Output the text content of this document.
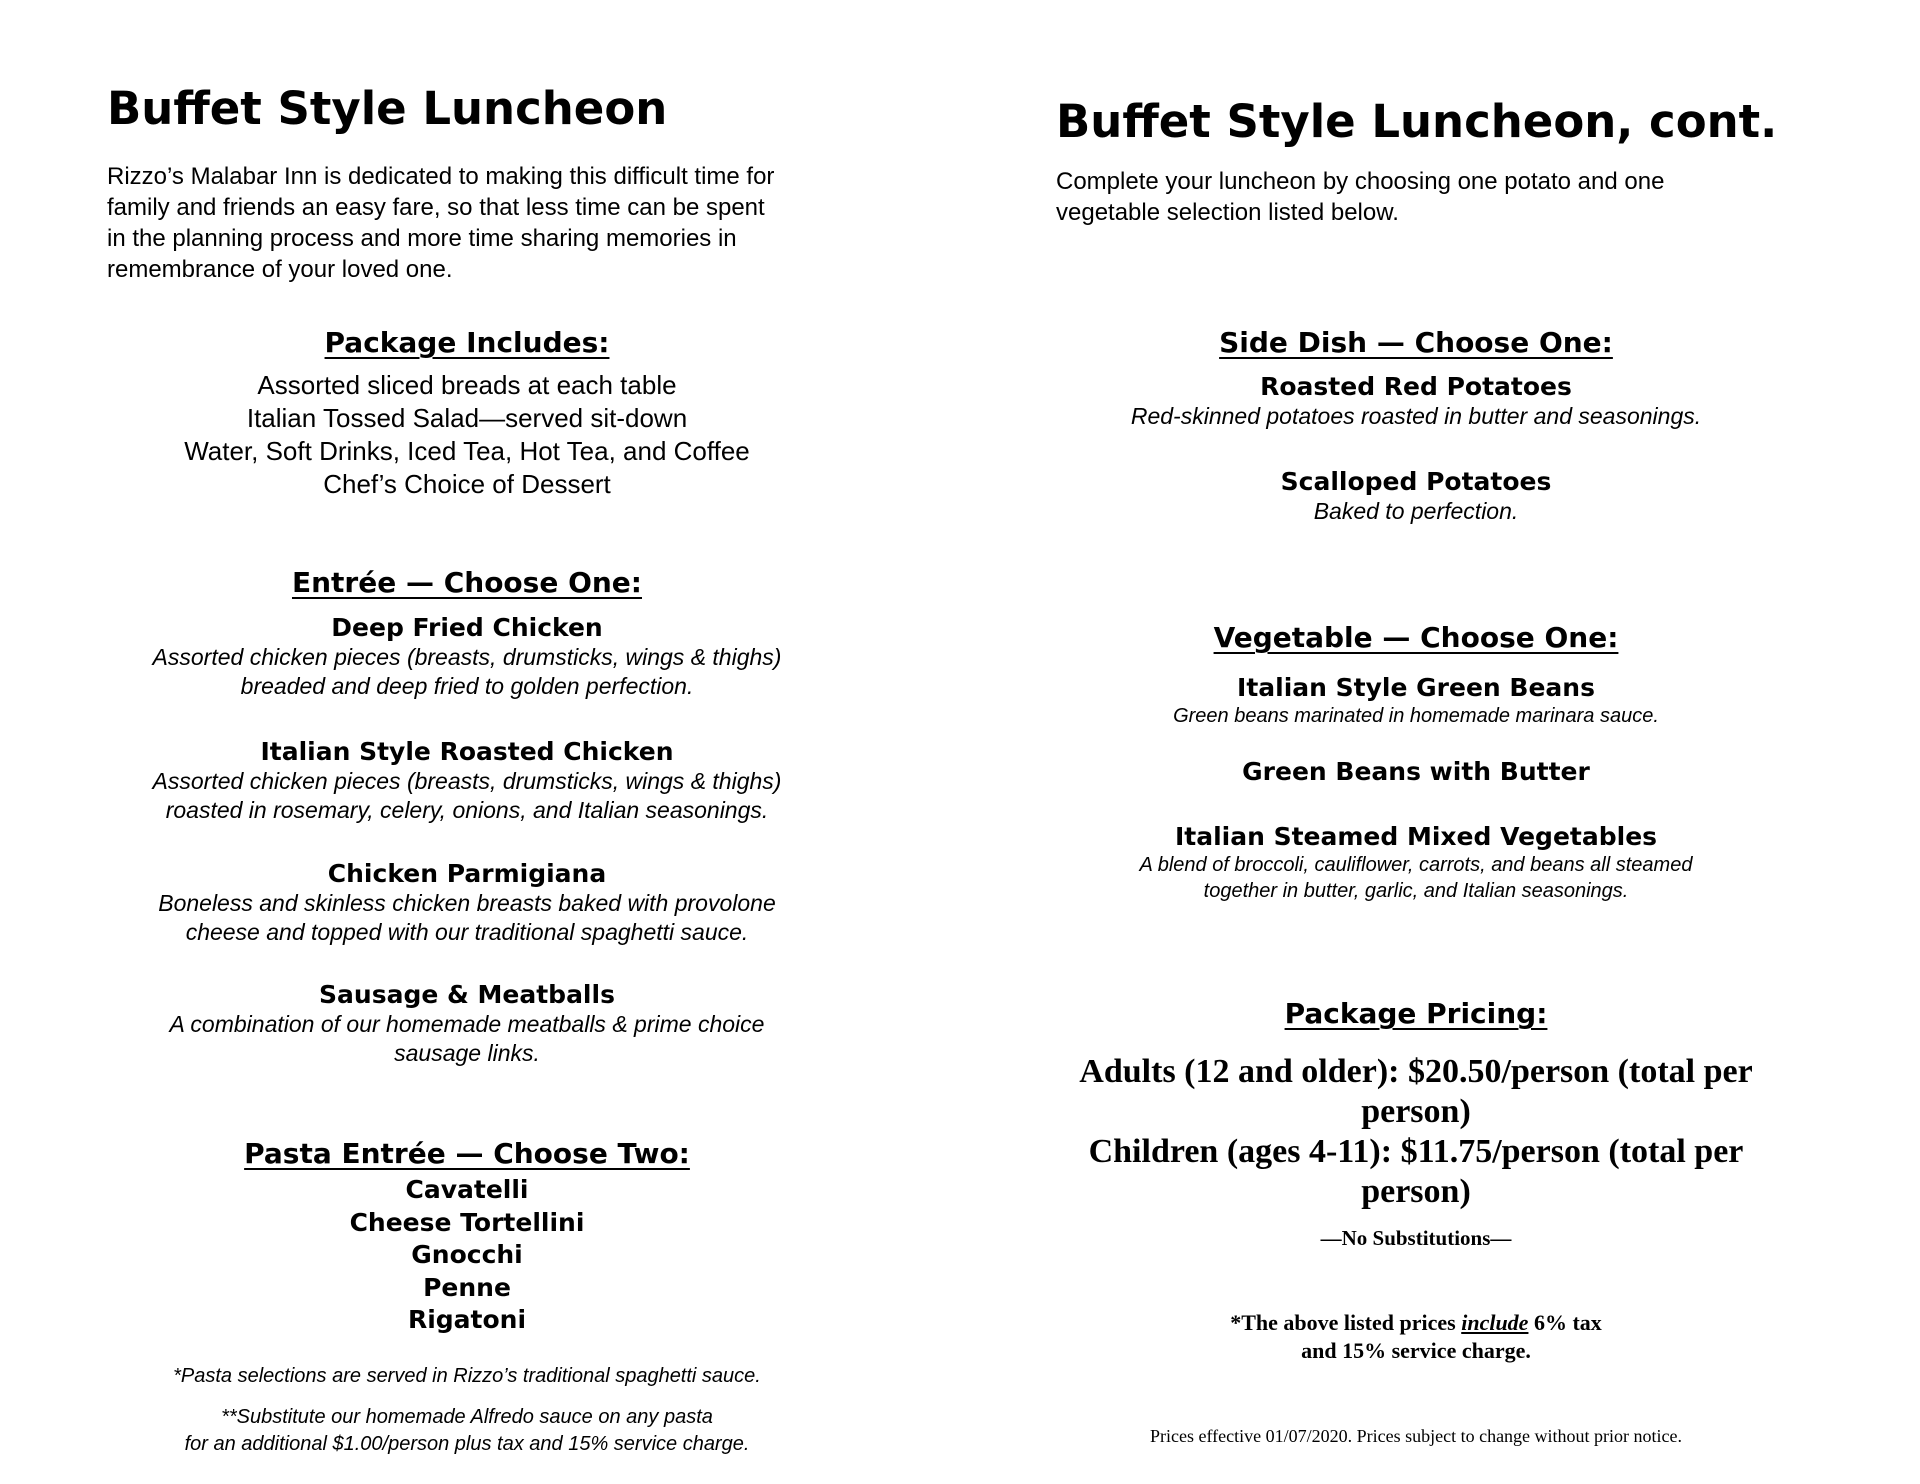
Buffet Style Luncheon
Rizzo’s Malabar Inn is dedicated to making this difficult time for
family and friends an easy fare, so that less time can be spent
in the planning process and more time sharing memories in
remembrance of your loved one.
Package Includes:
Assorted sliced breads at each table
Italian Tossed Salad—served sit-down
Water, Soft Drinks, Iced Tea, Hot Tea, and Coffee
Chef’s Choice of Dessert
Entrée — Choose One:
Deep Fried Chicken
Assorted chicken pieces (breasts, drumsticks, wings & thighs)
breaded and deep fried to golden perfection.
Italian Style Roasted Chicken
Assorted chicken pieces (breasts, drumsticks, wings & thighs)
roasted in rosemary, celery, onions, and Italian seasonings.
Chicken Parmigiana
Boneless and skinless chicken breasts baked with provolone
cheese and topped with our traditional spaghetti sauce.
Sausage & Meatballs
A combination of our homemade meatballs & prime choice
sausage links.
Pasta Entrée — Choose Two:
Cavatelli
Cheese Tortellini
Gnocchi
Penne
Rigatoni
*Pasta selections are served in Rizzo’s traditional spaghetti sauce.
**Substitute our homemade Alfredo sauce on any pasta
for an additional $1.00/person plus tax and 15% service charge.
Buffet Style Luncheon, cont.
Complete your luncheon by choosing one potato and one
vegetable selection listed below.
Side Dish — Choose One:
Roasted Red Potatoes
Red-skinned potatoes roasted in butter and seasonings.
Scalloped Potatoes
Baked to perfection.
Vegetable — Choose One:
Italian Style Green Beans
Green beans marinated in homemade marinara sauce.
Green Beans with Butter
Italian Steamed Mixed Vegetables
A blend of broccoli, cauliflower, carrots, and beans all steamed
together in butter, garlic, and Italian seasonings.
Package Pricing:
Adults (12 and older): $20.50/person (total per
person)
Children (ages 4-11): $11.75/person (total per
person)
—No Substitutions—
*The above listed prices include 6% tax
and 15% service charge.
Prices effective 01/07/2020. Prices subject to change without prior notice.
